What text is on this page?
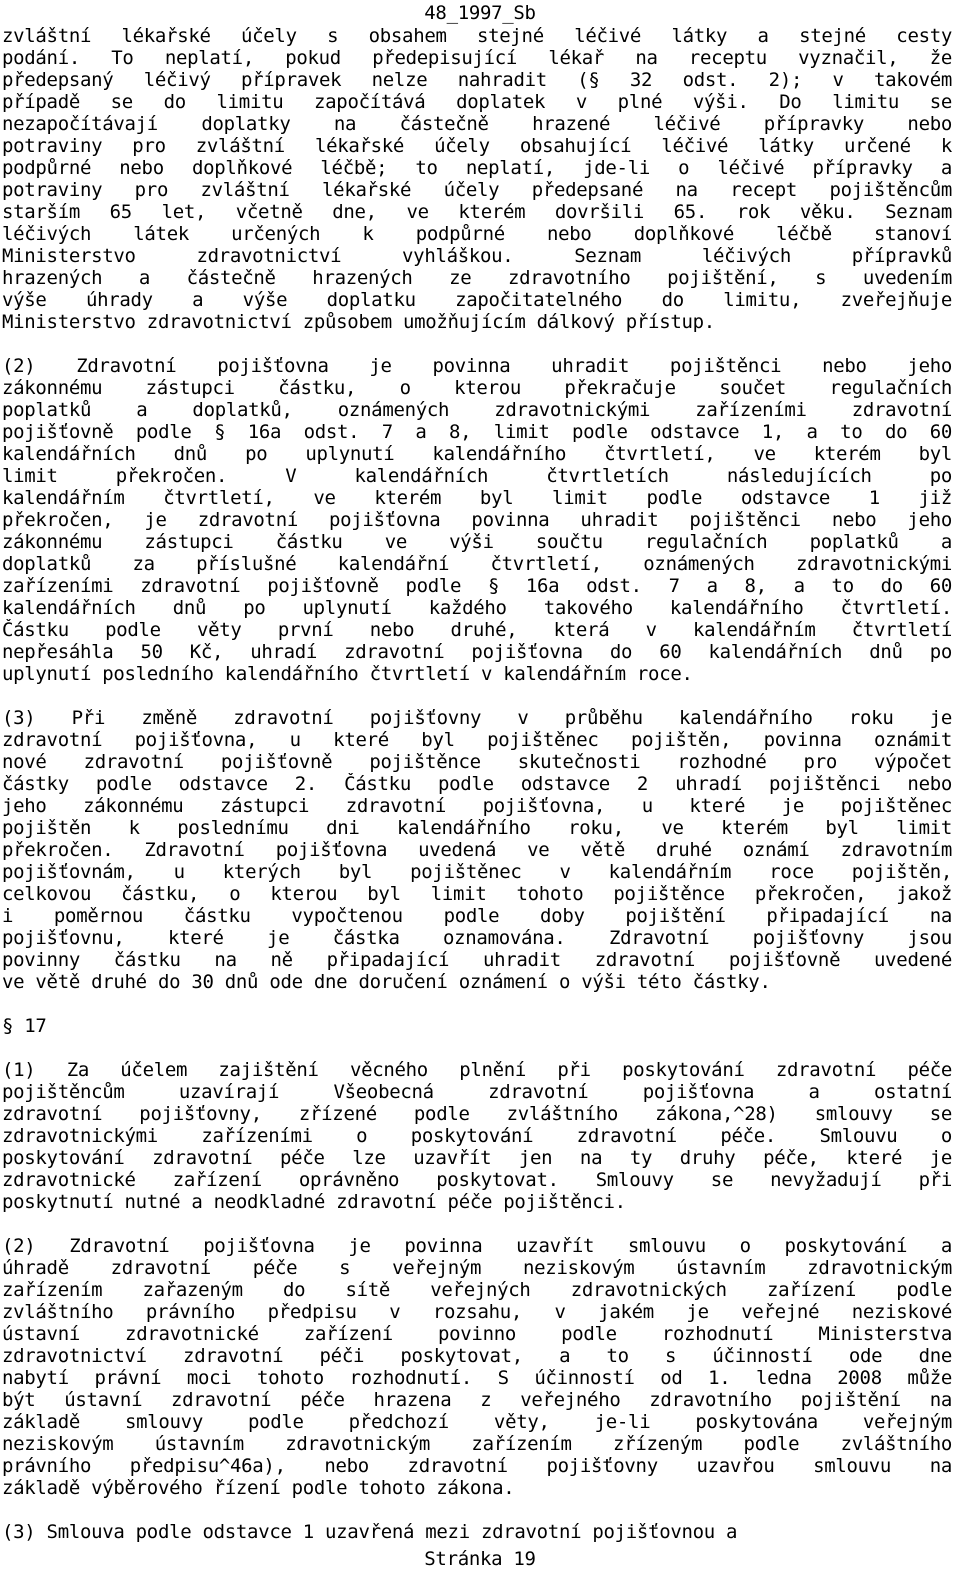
48_1997_Sb
zvláštní lékařské účely s obsahem stejné léčivé látky a stejné cesty
podání. To neplatí, pokud předepisující lékař na receptu vyznačil, že
předepsaný léčivý přípravek nelze nahradit (§ 32 odst. 2); v takovém
případě se do limitu započítává doplatek v plné výši. Do limitu se
nezapočítávají doplatky na částečně hrazené léčivé přípravky nebo
potraviny pro zvláštní lékařské účely obsahující léčivé látky určené k
podpůrné nebo doplňkové léčbě; to neplatí, jde-li o léčivé přípravky a
potraviny pro zvláštní lékařské účely předepsané na recept pojištěncům
starším 65 let, včetně dne, ve kterém dovršili 65. rok věku. Seznam
léčivých látek určených k podpůrné nebo doplňkové léčbě stanoví
Ministerstvo zdravotnictví vyhláškou. Seznam léčivých přípravků
hrazených a částečně hrazených ze zdravotního pojištění, s uvedením
výše úhrady a výše doplatku započitatelného do limitu, zveřejňuje
Ministerstvo zdravotnictví způsobem umožňujícím dálkový přístup.
(2) Zdravotní pojišťovna je povinna uhradit pojištěnci nebo jeho
zákonnému zástupci částku, o kterou překračuje součet regulačních
poplatků a doplatků, oznámených zdravotnickými zařízeními zdravotní
pojišťovně podle § 16a odst. 7 a 8, limit podle odstavce 1, a to do 60
kalendářních dnů po uplynutí kalendářního čtvrtletí, ve kterém byl
limit překročen. V kalendářních čtvrtletích následujících po
kalendářním čtvrtletí, ve kterém byl limit podle odstavce 1 již
překročen, je zdravotní pojišťovna povinna uhradit pojištěnci nebo jeho
zákonnému zástupci částku ve výši součtu regulačních poplatků a
doplatků za příslušné kalendářní čtvrtletí, oznámených zdravotnickými
zařízeními zdravotní pojišťovně podle § 16a odst. 7 a 8, a to do 60
kalendářních dnů po uplynutí každého takového kalendářního čtvrtletí.
Částku podle věty první nebo druhé, která v kalendářním čtvrtletí
nepřesáhla 50 Kč, uhradí zdravotní pojišťovna do 60 kalendářních dnů po
uplynutí posledního kalendářního čtvrtletí v kalendářním roce.
(3) Při změně zdravotní pojišťovny v průběhu kalendářního roku je
zdravotní pojišťovna, u které byl pojištěnec pojištěn, povinna oznámit
nové zdravotní pojišťovně pojištěnce skutečnosti rozhodné pro výpočet
částky podle odstavce 2. Částku podle odstavce 2 uhradí pojištěnci nebo
jeho zákonnému zástupci zdravotní pojišťovna, u které je pojištěnec
pojištěn k poslednímu dni kalendářního roku, ve kterém byl limit
překročen. Zdravotní pojišťovna uvedená ve větě druhé oznámí zdravotním
pojišťovnám, u kterých byl pojištěnec v kalendářním roce pojištěn,
celkovou částku, o kterou byl limit tohoto pojištěnce překročen, jakož
i poměrnou částku vypočtenou podle doby pojištění připadající na
pojišťovnu, které je částka oznamována. Zdravotní pojišťovny jsou
povinny částku na ně připadající uhradit zdravotní pojišťovně uvedené
ve větě druhé do 30 dnů ode dne doručení oznámení o výši této částky.
§ 17
(1) Za účelem zajištění věcného plnění při poskytování zdravotní péče
pojištěncům uzavírají Všeobecná zdravotní pojišťovna a ostatní
zdravotní pojišťovny, zřízené podle zvláštního zákona,^28) smlouvy se
zdravotnickými zařízeními o poskytování zdravotní péče. Smlouvu o
poskytování zdravotní péče lze uzavřít jen na ty druhy péče, které je
zdravotnické zařízení oprávněno poskytovat. Smlouvy se nevyžadují při
poskytnutí nutné a neodkladné zdravotní péče pojištěnci.
(2) Zdravotní pojišťovna je povinna uzavřít smlouvu o poskytování a
úhradě zdravotní péče s veřejným neziskovým ústavním zdravotnickým
zařízením zařazeným do sítě veřejných zdravotnických zařízení podle
zvláštního právního předpisu v rozsahu, v jakém je veřejné neziskové
ústavní zdravotnické zařízení povinno podle rozhodnutí Ministerstva
zdravotnictví zdravotní péči poskytovat, a to s účinností ode dne
nabytí právní moci tohoto rozhodnutí. S účinností od 1. ledna 2008 může
být ústavní zdravotní péče hrazena z veřejného zdravotního pojištění na
základě smlouvy podle předchozí věty, je-li poskytována veřejným
neziskovým ústavním zdravotnickým zařízením zřízeným podle zvláštního
právního předpisu^46a), nebo zdravotní pojišťovny uzavřou smlouvu na
základě výběrového řízení podle tohoto zákona.
(3) Smlouva podle odstavce 1 uzavřená mezi zdravotní pojišťovnou a
Stránka 19
